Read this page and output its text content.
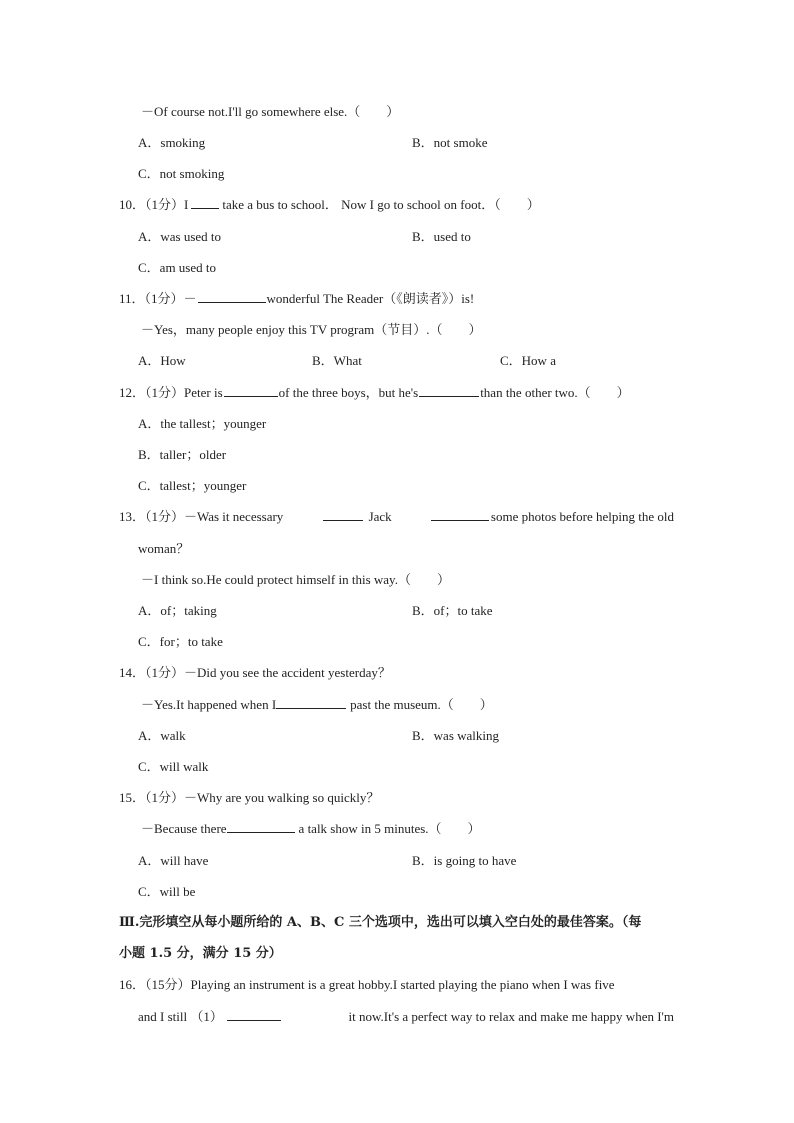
－Of course not.I'll go somewhere else.（　　）
A．smoking	B．not smoke
C．not smoking
10．（1分）I	take a bus to school． Now I go to school on foot．（　　）
A．was used to	B．used to
C．am used to
11．（1分）－	wonderful The Reader（《朗读者》）is!
－Yes，many people enjoy this TV program（节目）.（　　）
A．How	B．What	C．How a
12．（1分）Peter is	of the three boys，but he's	than the other two.（　　）
A．the tallest；younger
B．taller；older
C．tallest；younger
13．（1分）－Was it necessary	Jack	some photos before helping the old
woman？
－I think so.He could protect himself in this way.（　　）
A．of；taking	B．of；to take
C．for；to take
14．（1分）－Did you see the accident yesterday？
－Yes.It happened when I	past the museum.（　　）
A．walk	B．was walking
C．will walk
15．（1分）－Why are you walking so quickly？
－Because there	a talk show in 5 minutes.（　　）
A．will have	B．is going to have
C．will be
Ⅲ.完形填空从每小题所给的 A、B、C 三个选项中，选出可以填入空白处的最佳答案。（每
小题 1.5 分，满分 15 分）
16．（15分）Playing an instrument is a great hobby.I started playing the piano when I was five
and I still （1）	it now.It's a perfect way to relax and make me happy when I'm
